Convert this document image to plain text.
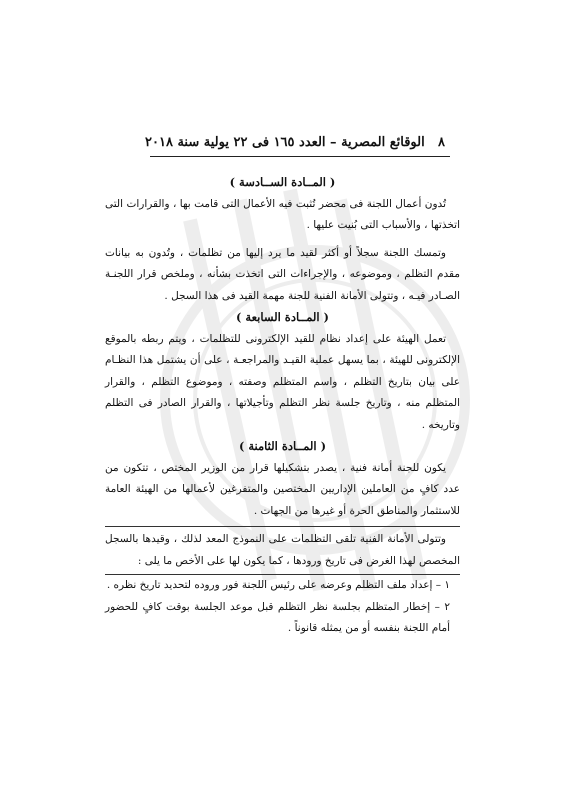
٨
الوقائع المصرية – العدد ١٦٥ فى ٢٢ يولية سنة ٢٠١٨

( المــادة الســادسة )

تُدون أعمال اللجنة فى محضر تُثبت فيه الأعمال التى قامت بها ، والقرارات التى اتخذتها ، والأسباب التى بُنيت عليها .

وتمسك اللجنة سجلاً أو أكثر لقيد ما يرد إليها من تظلمات ، وتُدون به بيانات مقدم التظلم ، وموضوعه ، والإجراءات التى اتخذت بشأنه ، وملخص قرار اللجنـة الصـادر فيـه ، وتتولى الأمانة الفنية للجنة مهمة القيد فى هذا السجل .

( المــادة السابعة )

تعمل الهيئة على إعداد نظام للقيد الإلكترونى للتظلمات ، ويتم ربطه بالموقع الإلكترونى للهيئة ، بما يسهل عملية القيـد والمراجعـة ، على أن يشتمل هذا النظـام على بيان بتاريخ التظلم ، واسم المتظلم وصفته ، وموضوع التظلم ، والقرار المتظلم منه ، وتاريخ جلسة نظر التظلم وتأجيلاتها ، والقرار الصادر فى التظلم وتاريخه .

( المــادة الثامنة )

يكون للجنة أمانة فنية ، يصدر بتشكيلها قرار من الوزير المختص ، تتكون من عدد كافٍ من العاملين الإداريين المختصين والمتفرغين لأعمالها من الهيئة العامة للاستثمار والمناطق الحرة أو غيرها من الجهات .

وتتولى الأمانة الفنية تلقى التظلمات على النموذج المعد لذلك ، وقيدها بالسجل المخصص لهذا الغرض فى تاريخ ورودها ، كما يكون لها على الأخص ما يلى :

١ – إعداد ملف التظلم وعرضه على رئيس اللجنة فور وروده لتحديد تاريخ نظره .

٢ – إخطار المتظلم بجلسة نظر التظلم قبل موعد الجلسة بوقت كافٍ للحضور أمام اللجنة بنفسه أو من يمثله قانوناً .
